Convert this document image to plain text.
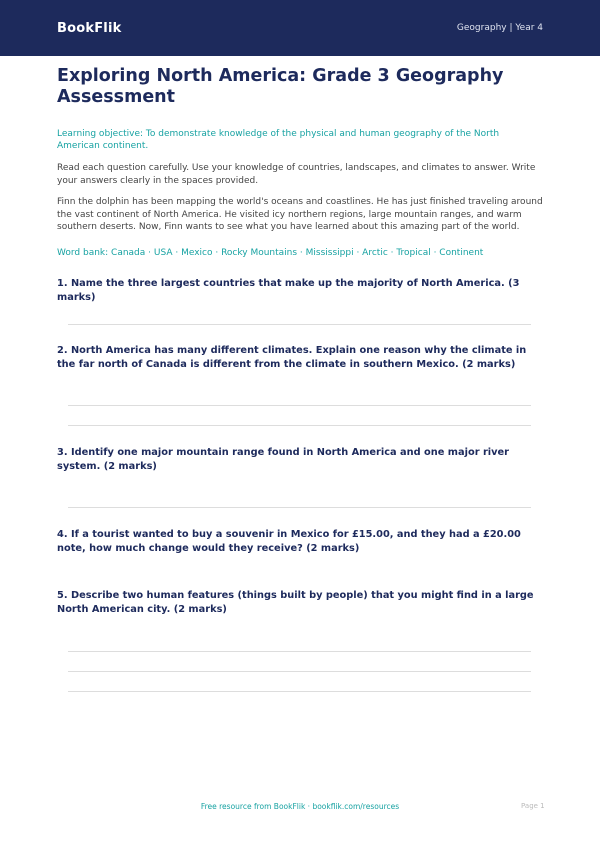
BookFlik	Geography | Year 4
Exploring North America: Grade 3 Geography Assessment

Learning objective: To demonstrate knowledge of the physical and human geography of the North American continent.

Read each question carefully. Use your knowledge of countries, landscapes, and climates to answer. Write your answers clearly in the spaces provided.

Finn the dolphin has been mapping the world's oceans and coastlines. He has just finished traveling around the vast continent of North America. He visited icy northern regions, large mountain ranges, and warm southern deserts. Now, Finn wants to see what you have learned about this amazing part of the world.

Word bank: Canada · USA · Mexico · Rocky Mountains · Mississippi · Arctic · Tropical · Continent

1. Name the three largest countries that make up the majority of North America. (3 marks)

2. North America has many different climates. Explain one reason why the climate in the far north of Canada is different from the climate in southern Mexico. (2 marks)

3. Identify one major mountain range found in North America and one major river system. (2 marks)

4. If a tourist wanted to buy a souvenir in Mexico for £15.00, and they had a £20.00 note, how much change would they receive? (2 marks)

5. Describe two human features (things built by people) that you might find in a large North American city. (2 marks)

Free resource from BookFlik · bookflik.com/resources	Page 1
